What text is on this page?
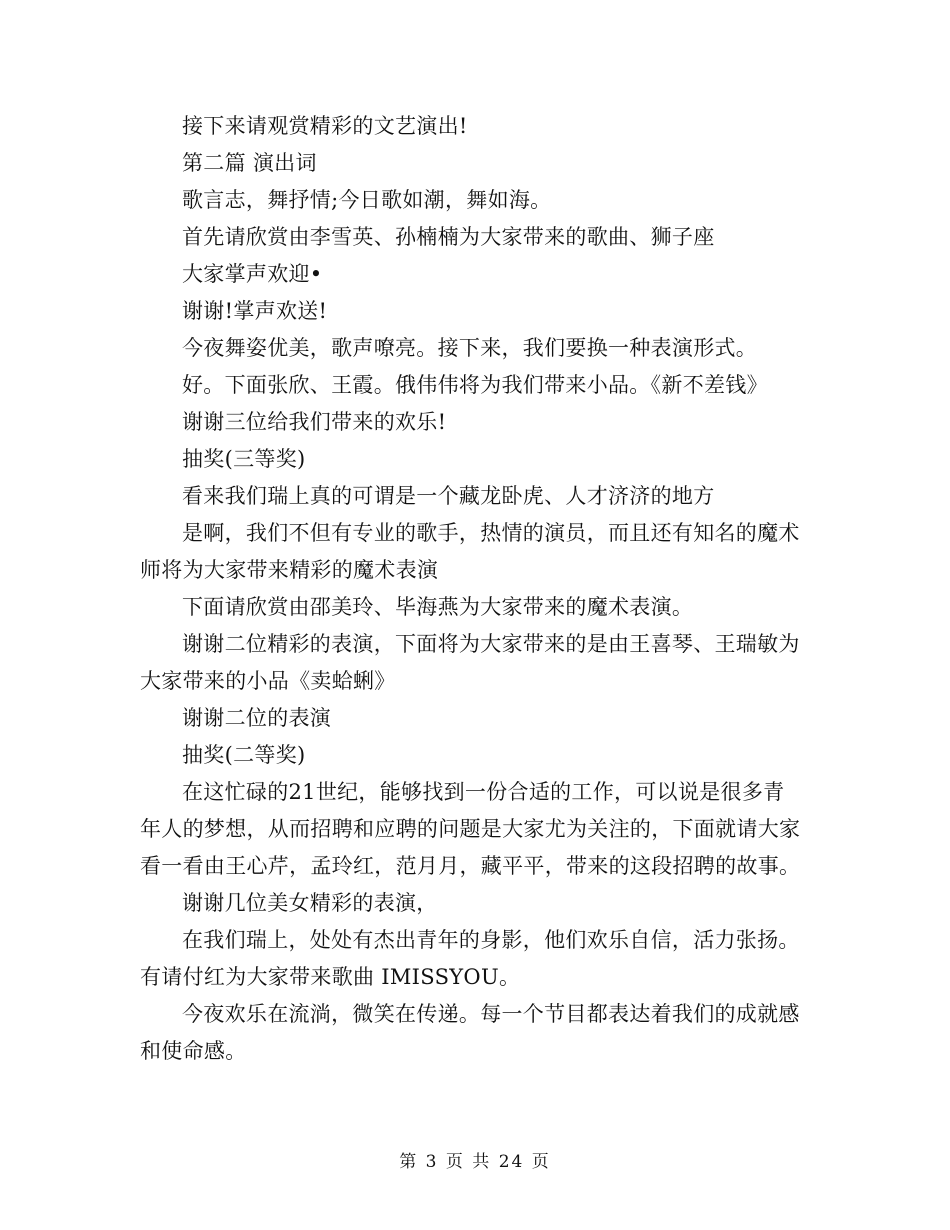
接下来请观赏精彩的文艺演出!

第二篇 演出词

歌言志，舞抒情;今日歌如潮，舞如海。

首先请欣赏由李雪英、孙楠楠为大家带来的歌曲、狮子座

大家掌声欢迎•

谢谢!掌声欢送!

今夜舞姿优美，歌声嘹亮。接下来，我们要换一种表演形式。

好。下面张欣、王霞。俄伟伟将为我们带来小品。《新不差钱》

谢谢三位给我们带来的欢乐!

抽奖(三等奖)

看来我们瑞上真的可谓是一个藏龙卧虎、人才济济的地方

是啊，我们不但有专业的歌手，热情的演员，而且还有知名的魔术师将为大家带来精彩的魔术表演

下面请欣赏由邵美玲、毕海燕为大家带来的魔术表演。

谢谢二位精彩的表演，下面将为大家带来的是由王喜琴、王瑞敏为大家带来的小品《卖蛤蜊》

谢谢二位的表演

抽奖(二等奖)

在这忙碌的21世纪，能够找到一份合适的工作，可以说是很多青年人的梦想，从而招聘和应聘的问题是大家尤为关注的，下面就请大家看一看由王心芹，孟玲红，范月月，藏平平，带来的这段招聘的故事。

谢谢几位美女精彩的表演，

在我们瑞上，处处有杰出青年的身影，他们欢乐自信，活力张扬。有请付红为大家带来歌曲 IMISSYOU。

今夜欢乐在流淌，微笑在传递。每一个节目都表达着我们的成就感和使命感。

第 3 页 共 24 页
